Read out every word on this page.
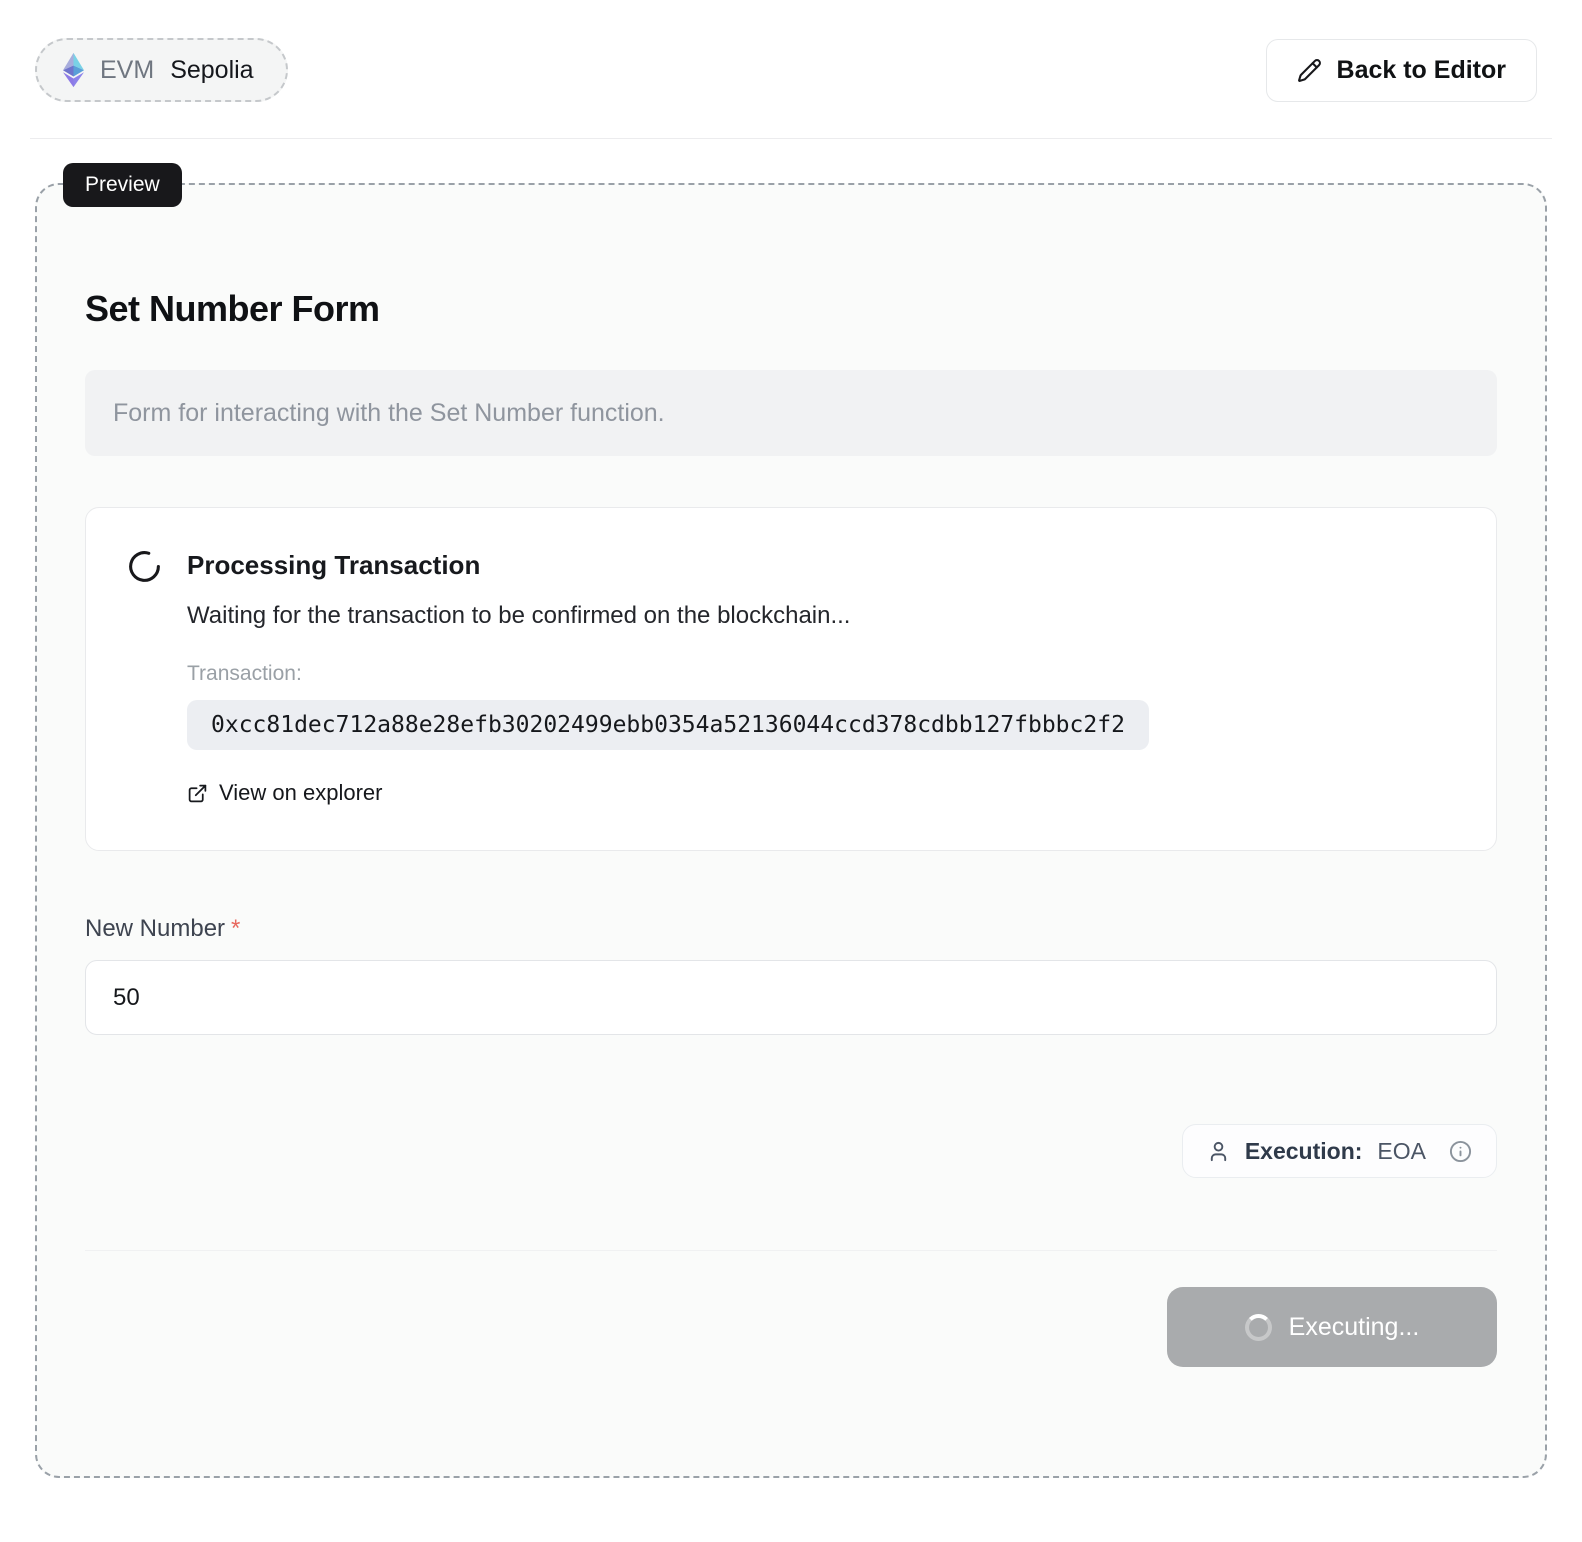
EVM Sepolia	Back to Editor
Preview
Set Number Form
Form for interacting with the Set Number function.
Processing Transaction
Waiting for the transaction to be confirmed on the blockchain...
Transaction:
0xcc81dec712a88e28efb30202499ebb0354a52136044ccd378cdbb127fbbbc2f2
View on explorer
New Number *
50
Execution: EOA
Executing...
